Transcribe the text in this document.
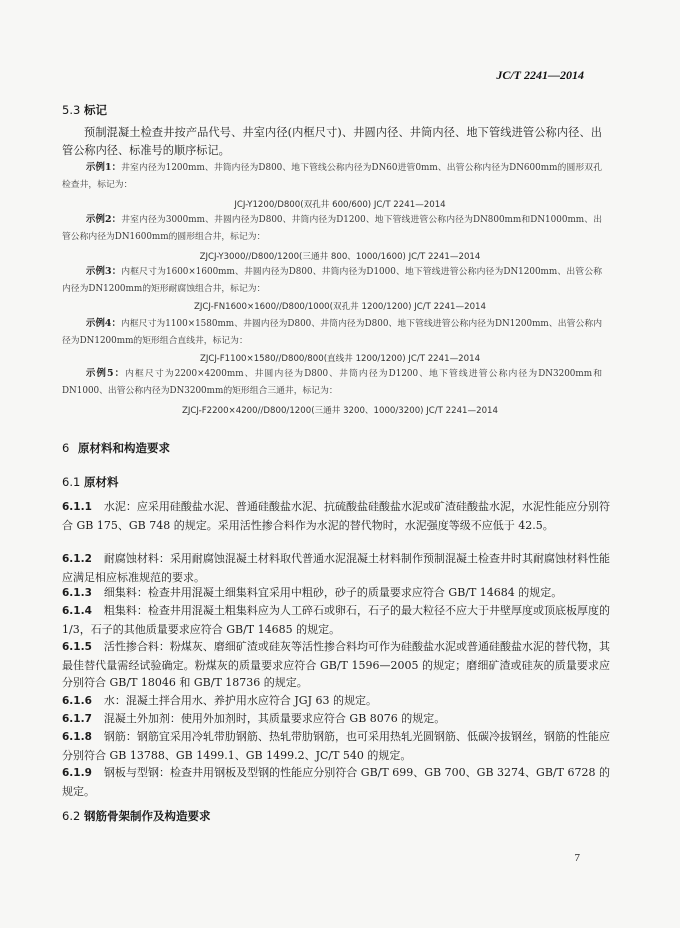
JC/T 2241—2014
5.3 标记
预制混凝土检查井按产品代号、井室内径(内框尺寸)、井圆内径、井筒内径、地下管线进管公称内径、出管公称内径、标准号的顺序标记。
示例1：井室内径为1200mm、井筒内径为D800、地下管线公称内径为DN60进管0mm、出管公称内径为DN600mm的圆形双孔检查井，标记为：
JCJ-Y1200/D800(双孔井 600/600) JC/T 2241—2014
示例2：井室内径为3000mm、井圆内径为D800、井筒内径为D1200、地下管线进管公称内径为DN800mm和DN1000mm、出管公称内径为DN1600mm的圆形组合井，标记为：
ZJCJ-Y3000//D800/1200(三通井 800、1000/1600) JC/T 2241—2014
示例3：内框尺寸为1600×1600mm、井圆内径为D800、井筒内径为D1000、地下管线进管公称内径为DN1200mm、出管公称内径为DN1200mm的矩形耐腐蚀组合井，标记为：
ZJCJ-FN1600×1600//D800/1000(双孔井 1200/1200) JC/T 2241—2014
示例4：内框尺寸为1100×1580mm、井圆内径为D800、井筒内径为D800、地下管线进管公称内径为DN1200mm、出管公称内径为DN1200mm的矩形组合直线井，标记为：
ZJCJ-F1100×1580//D800/800(直线井 1200/1200) JC/T 2241—2014
示例5：内框尺寸为2200×4200mm、井圆内径为D800、井筒内径为D1200、地下管线进管公称内径为DN3200mm和DN1000、出管公称内径为DN3200mm的矩形组合三通井，标记为：
ZJCJ-F2200×4200//D800/1200(三通井 3200、1000/3200) JC/T 2241—2014
6 原材料和构造要求
6.1 原材料
6.1.1 水泥：应采用硅酸盐水泥、普通硅酸盐水泥、抗硫酸盐硅酸盐水泥或矿渣硅酸盐水泥，水泥性能应分别符合 GB 175、GB 748 的规定。采用活性掺合料作为水泥的替代物时，水泥强度等级不应低于 42.5。
6.1.2 耐腐蚀材料：采用耐腐蚀混凝土材料取代普通水泥混凝土材料制作预制混凝土检查井时其耐腐蚀材料性能应满足相应标准规范的要求。
6.1.3 细集料：检查井用混凝土细集料宜采用中粗砂，砂子的质量要求应符合 GB/T 14684 的规定。
6.1.4 粗集料：检查井用混凝土粗集料应为人工碎石或卵石，石子的最大粒径不应大于井壁厚度或顶底板厚度的 1/3，石子的其他质量要求应符合 GB/T 14685 的规定。
6.1.5 活性掺合料：粉煤灰、磨细矿渣或硅灰等活性掺合料均可作为硅酸盐水泥或普通硅酸盐水泥的替代物，其最佳替代量需经试验确定。粉煤灰的质量要求应符合 GB/T 1596—2005 的规定；磨细矿渣或硅灰的质量要求应分别符合 GB/T 18046 和 GB/T 18736 的规定。
6.1.6 水：混凝土拌合用水、养护用水应符合 JGJ 63 的规定。
6.1.7 混凝土外加剂：使用外加剂时，其质量要求应符合 GB 8076 的规定。
6.1.8 钢筋：钢筋宜采用冷轧带肋钢筋、热轧带肋钢筋，也可采用热轧光圆钢筋、低碳冷拔钢丝，钢筋的性能应分别符合 GB 13788、GB 1499.1、GB 1499.2、JC/T 540 的规定。
6.1.9 钢板与型钢：检查井用钢板及型钢的性能应分别符合 GB/T 699、GB 700、GB 3274、GB/T 6728 的规定。
6.2 钢筋骨架制作及构造要求
7
